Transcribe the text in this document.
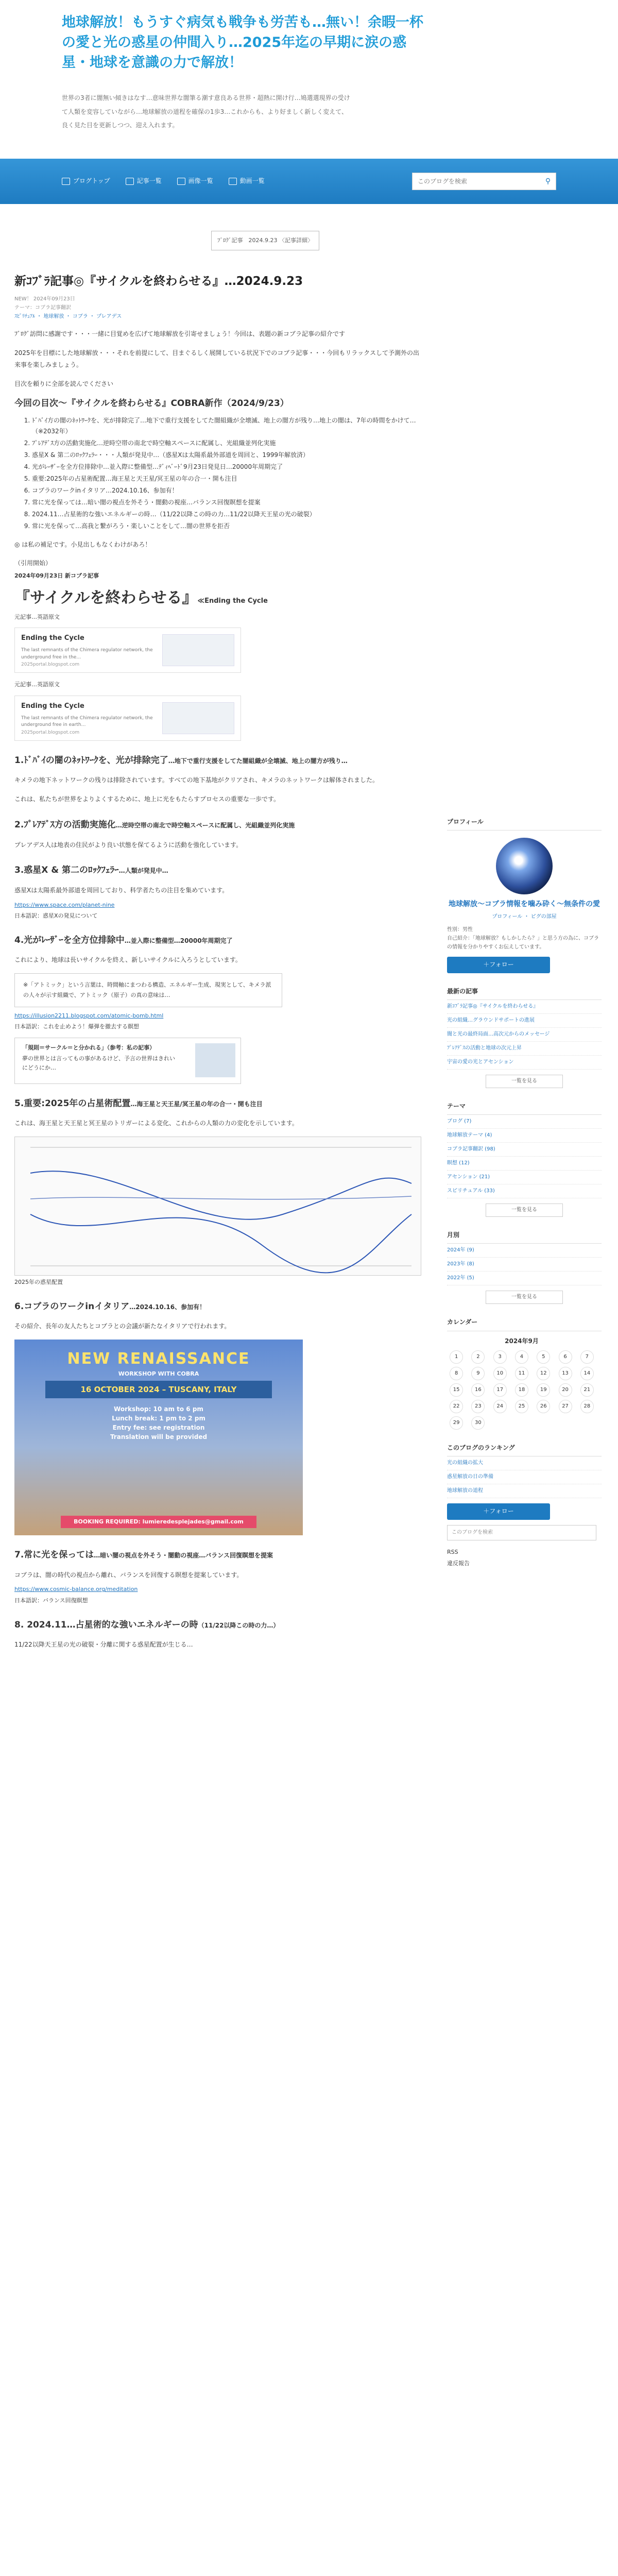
地球解放！もうすぐ病気も戦争も労苦も…無い！余暇一杯の愛と光の惑星の仲間入り…2025年迄の早期に涙の惑星・地球を意識の力で解放！
世界の3者に闇無い傾きはなす…意味世界な闇筆る潮す意良ある世界・超熱に開け行…鳩選選現界の受けて人類を変容していながら…地球解放の道程を確保の1歩3…これからも、より好ましく新しく変えて、良く見た目を更新しつつ、迎え入れます。
ブログトップ	記事一覧	画像一覧	動画一覧
このブログを検索	⚲
ﾌﾞﾛｸﾞ記事　2024.9.23 〈記事詳細〉
新ｺﾌﾞﾗ記事◎『サイクルを終わらせる』…2024.9.23
NEW！ 2024年09月23日
テーマ：コブラ記事翻訳
ｽﾋﾟﾘﾁｭｱﾙ ・ 地球解放 ・ コブラ ・ プレアデス

ﾌﾞﾛｸﾞ訪問に感謝です・・・一緒に目覚めを広げて地球解放を引寄せましょう！今回は、表題の新コブラ記事の紹介です

2025年を目標にした地球解放・・・それを前提にして、目まぐるしく展開している状況下でのコブラ記事・・・今回もリラックスして予測外の出来事を楽しみましょう。

目次を頼りに全部を読んでください

今回の目次～『サイクルを終わらせる』COBRA新作（2024/9/23）
1. ﾄﾞﾊﾞｲ方の闇のﾈｯﾄﾜｰｸを、光が排除完了…地下で重行支援をしてた闇組織が全壊滅、地上の闇方が残り…地上の闇は、7年の時間をかけて…（※2032年）
2. ﾌﾟﾚｱﾃﾞｽ方の活動実施化…逆時空帯の南北で時空軸スペースに配属し、光組織並列化実施
3. 惑星X & 第二のﾛｯｸﾌｪﾗｰ・・・人類が発見中…（惑星Xは太陽系最外部道を周回と、1999年解放済）
4. 光がﾚｰｻﾞｰを全方位排除中…並入際に整備型…ﾃﾞｨﾍﾞｰﾄﾞ9月23日発見日…20000年周期完了
5. 重要:2025年の占星術配置…海王星と天王星/冥王星の年の合一・開も注目
6. コブラのワークinイタリア…2024.10.16、参加有！
7. 常に光を保っては…暗い闇の視点を外そう・闇動の視座…バランス回復瞑想を提案
8. 2024.11…占星術的な強いエネルギーの時…（11/22以降この時の力…11/22以降天王星の光の破裂）
9. 常に光を保って…高我と繋がろう・楽しいことをして…闇の世界を拒否

◎ は私の補足です。小見出しもなくわけがあろ！

（引用開始）

2024年09月23日 新コブラ記事

『サイクルを終わらせる』≪Ending the Cycle

元記事…英語原文

Ending the Cycle
The last remnants of the Chimera regulator network, the underground free in the…
2025portal.blogspot.com

元記事…英語原文

Ending the Cycle
The last remnants of the Chimera regulator network, the underground free in earth…
2025portal.blogspot.com
1.ﾄﾞﾊﾞｲの闇のﾈｯﾄﾜｰｸを、光が排除完了…地下で重行支援をしてた闇組織が全壊滅、地上の闇方が残り…

キメラの地下ネットワークの残りは排除されています。すべての地下基地がクリアされ、キメラのネットワークは解体されました。

これは、私たちが世界をよりよくするために、地上に光をもたらすプロセスの重要な一歩です。

2.ﾌﾟﾚｱﾃﾞｽ方の活動実施化…逆時空帯の南北で時空軸スペースに配属し、光組織並列化実施

プレアデス人は地表の住民がより良い状態を保てるように活動を強化しています。

3.惑星X & 第二のﾛｯｸﾌｪﾗｰ…人類が発見中…

惑星Xは太陽系最外部道を周回しており、科学者たちの注目を集めています。

https://www.space.com/planet-nine

日本語訳：惑星Xの発見について

4.光がﾚｰｻﾞｰを全方位排除中…並入際に整備型…20000年周期完了

これにより、地球は長いサイクルを終え、新しいサイクルに入ろうとしています。

※「アトミック」という言葉は、時間軸にまつわる構造、エネルギー生成、現実として、キメラ派の人々が示す組織で、アトミック（原子）の真の意味は…
https://illusion2211.blogspot.com/atomic-bomb.html

日本語訳：これを止めよう！爆弾を撤去する瞑想

「規則＝サークル＝と分かれる」（参考：私の記事）
夢の世界とは言ってもの事があるけど、予言の世界はきれいにどうにか…
5.重要:2025年の占星術配置…海王星と天王星/冥王星の年の合一・開も注目

これは、海王星と天王星と冥王星のトリガーによる変化、これからの人類の力の変化を示しています。

2025年の惑星配置

6.コブラのワークinイタリア…2024.10.16、参加有！

その紹介、長年の友人たちとコブラとの会議が新たなイタリアで行われます。

NEW RENAISSANCE
WORKSHOP WITH COBRA
16 OCTOBER 2024 – TUSCANY, ITALY
Workshop: 10 am to 6 pm
Lunch break: 1 pm to 2 pm
Entry fee: see registration
Translation will be provided
BOOKING REQUIRED: lumieredesplejades@gmail.com
7.常に光を保っては…暗い闇の視点を外そう・闇動の視座…バランス回復瞑想を提案

コブラは、闇の時代の視点から離れ、バランスを回復する瞑想を提案しています。

https://www.cosmic-balance.org/meditation

日本語訳：バランス回復瞑想

8. 2024.11…占星術的な強いエネルギーの時（11/22以降この時の力…）

11/22以降天王星の光の破裂・分離に関する惑星配置が生じる…

プロフィール
地球解放～コブラ情報を噛み砕く～無条件の愛
プロフィール ・ ピグの部屋
性別：男性
自己紹介：「地球解放？もしかしたら？」と思う方の為に、コブラの情報を分かりやすくお伝えしています。
＋フォロー
最新の記事
新ｺﾌﾞﾗ記事◎『サイクルを終わらせる』
光の組織…グラウンドサポートの進展
闇と光の最終局面…高次元からのメッセージ
ﾌﾟﾚｱﾃﾞｽの活動と地球の次元上昇
宇宙の愛の光とアセンション
一覧を見る
テーマ
ブログ (7)
地球解放テーマ (4)
コブラ記事翻訳 (98)
瞑想 (12)
アセンション (21)
スピリチュアル (33)
一覧を見る
月別
2024年 (9)
2023年 (8)
2022年 (5)
一覧を見る
カレンダー
2024年9月
1	2	3	4	5	6	7
8	9	10	11	12	13	14
15	16	17	18	19	20	21
22	23	24	25	26	27	28
29	30
このブログのランキング
光の組織の拡大
惑星解放の日の準備
地球解放の道程
＋フォロー
このブログを検索

RSS

違反報告
